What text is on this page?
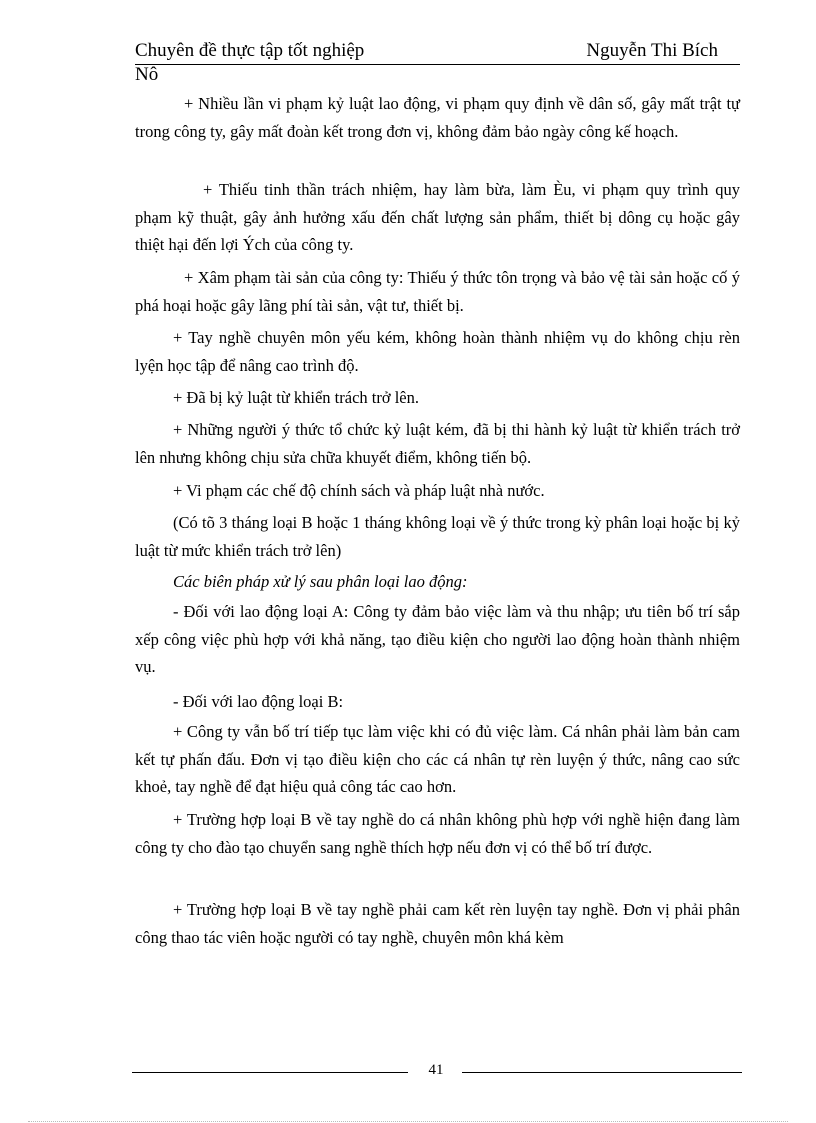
Chuyên đề thực tập tốt nghiệp	Nguyễn Thi Bích
Nô

+ Nhiều lần vi phạm kỷ luật lao động, vi phạm quy định về dân số, gây mất trật tự trong công ty, gây mất đoàn kết trong đơn vị, không đảm bảo ngày công kế hoạch.

+ Thiếu tinh thần trách nhiệm, hay làm bừa, làm Èu, vi phạm quy trình quy phạm kỹ thuật, gây ảnh hưởng xấu đến chất lượng sản phẩm, thiết bị dông cụ hoặc gây thiệt hại đến lợi Ých của công ty.

+ Xâm phạm tài sản của công ty: Thiếu ý thức tôn trọng và bảo vệ tài sản hoặc cố ý phá hoại hoặc gây lãng phí tài sản, vật tư, thiết bị.

+ Tay nghề chuyên môn yếu kém, không hoàn thành nhiệm vụ do không chịu rèn lyện học tập để nâng cao trình độ.

+ Đã bị kỷ luật từ khiển trách trở lên.

+ Những người ý thức tổ chức kỷ luật kém, đã bị thi hành kỷ luật từ khiển trách trở lên nhưng không chịu sửa chữa khuyết điểm, không tiến bộ.

+ Vi phạm các chế độ chính sách và pháp luật nhà nước.

(Có tõ 3 tháng loại B hoặc 1 tháng không loại về ý thức trong kỳ phân loại hoặc bị kỷ luật từ mức khiển trách trở lên)

Các biên pháp xử lý sau phân loại lao động:

- Đối với lao động loại A: Công ty đảm bảo việc làm và thu nhập; ưu tiên bố trí sắp xếp công việc phù hợp với khả năng, tạo điều kiện cho người lao động hoàn thành nhiệm vụ.

- Đối với lao động loại B:

+ Công ty vẫn bố trí tiếp tục làm việc khi có đủ việc làm. Cá nhân phải làm bản cam kết tự phấn đấu. Đơn vị tạo điều kiện cho các cá nhân tự rèn luyện ý thức, nâng cao sức khoẻ, tay nghề để đạt hiệu quả công tác cao hơn.

+ Trường hợp loại B về tay nghề do cá nhân không phù hợp với nghề hiện đang làm công ty cho đào tạo chuyển sang nghề thích hợp nếu đơn vị có thể bố trí được.

+ Trường hợp loại B về tay nghề phải cam kết rèn luyện tay nghề. Đơn vị phải phân công thao tác viên hoặc người có tay nghề, chuyên môn khá kèm

41
